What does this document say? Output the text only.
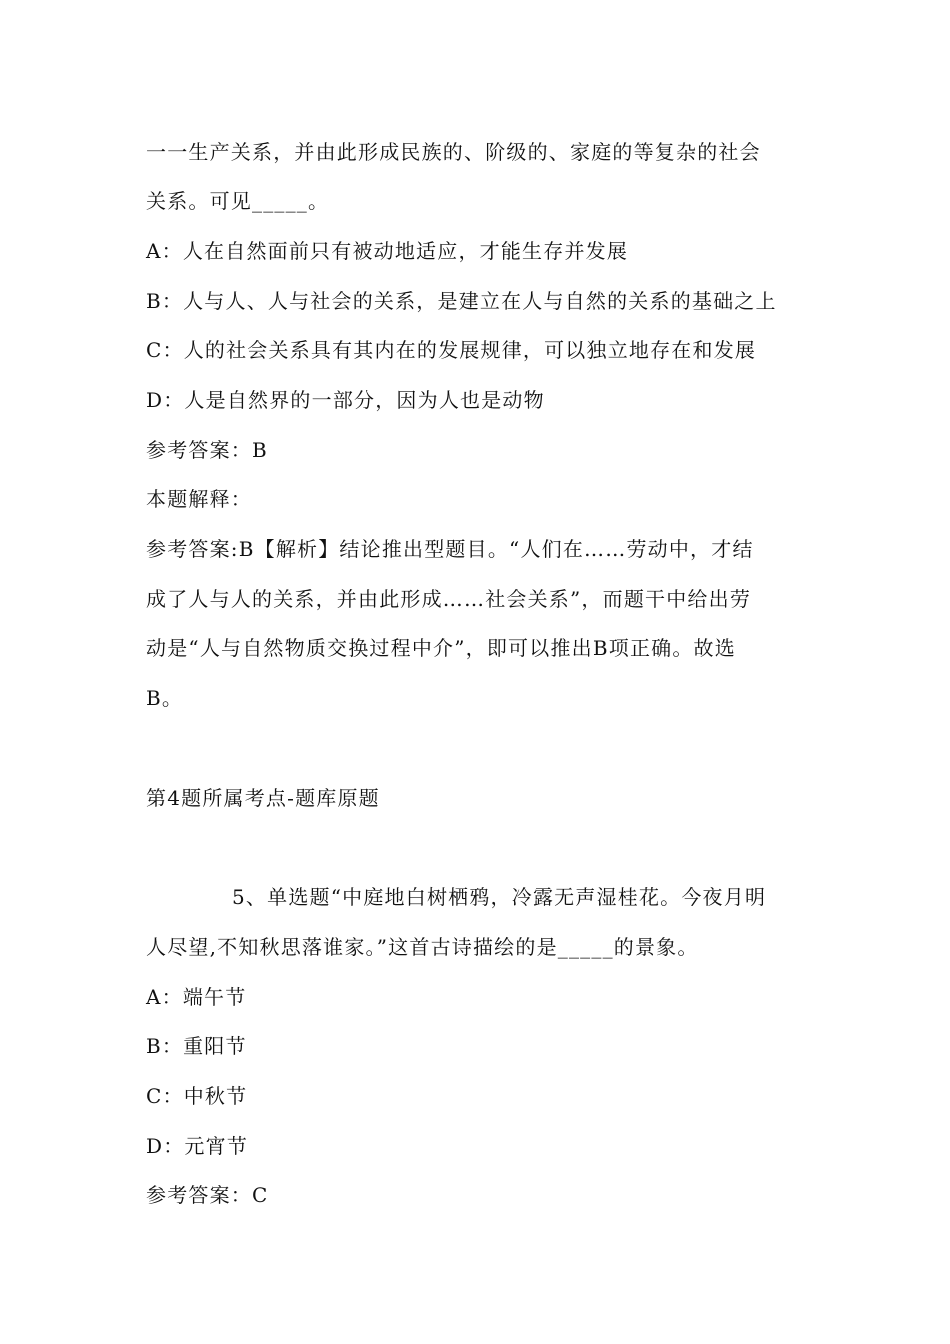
一一生产关系，并由此形成民族的、阶级的、家庭的等复杂的社会
关系。可见_____。
A：人在自然面前只有被动地适应，才能生存并发展
B：人与人、人与社会的关系，是建立在人与自然的关系的基础之上
C：人的社会关系具有其内在的发展规律，可以独立地存在和发展
D：人是自然界的一部分，因为人也是动物
参考答案：B
本题解释：
参考答案:B【解析】结论推出型题目。“人们在……劳动中，才结
成了人与人的关系，并由此形成……社会关系”，而题干中给出劳
动是“人与自然物质交换过程中介”，即可以推出B项正确。故选
B。
第4题所属考点-题库原题
5、单选题“中庭地白树栖鸦，冷露无声湿桂花。今夜月明
人尽望,不知秋思落谁家。”这首古诗描绘的是_____的景象。
A：端午节
B：重阳节
C：中秋节
D：元宵节
参考答案：C
